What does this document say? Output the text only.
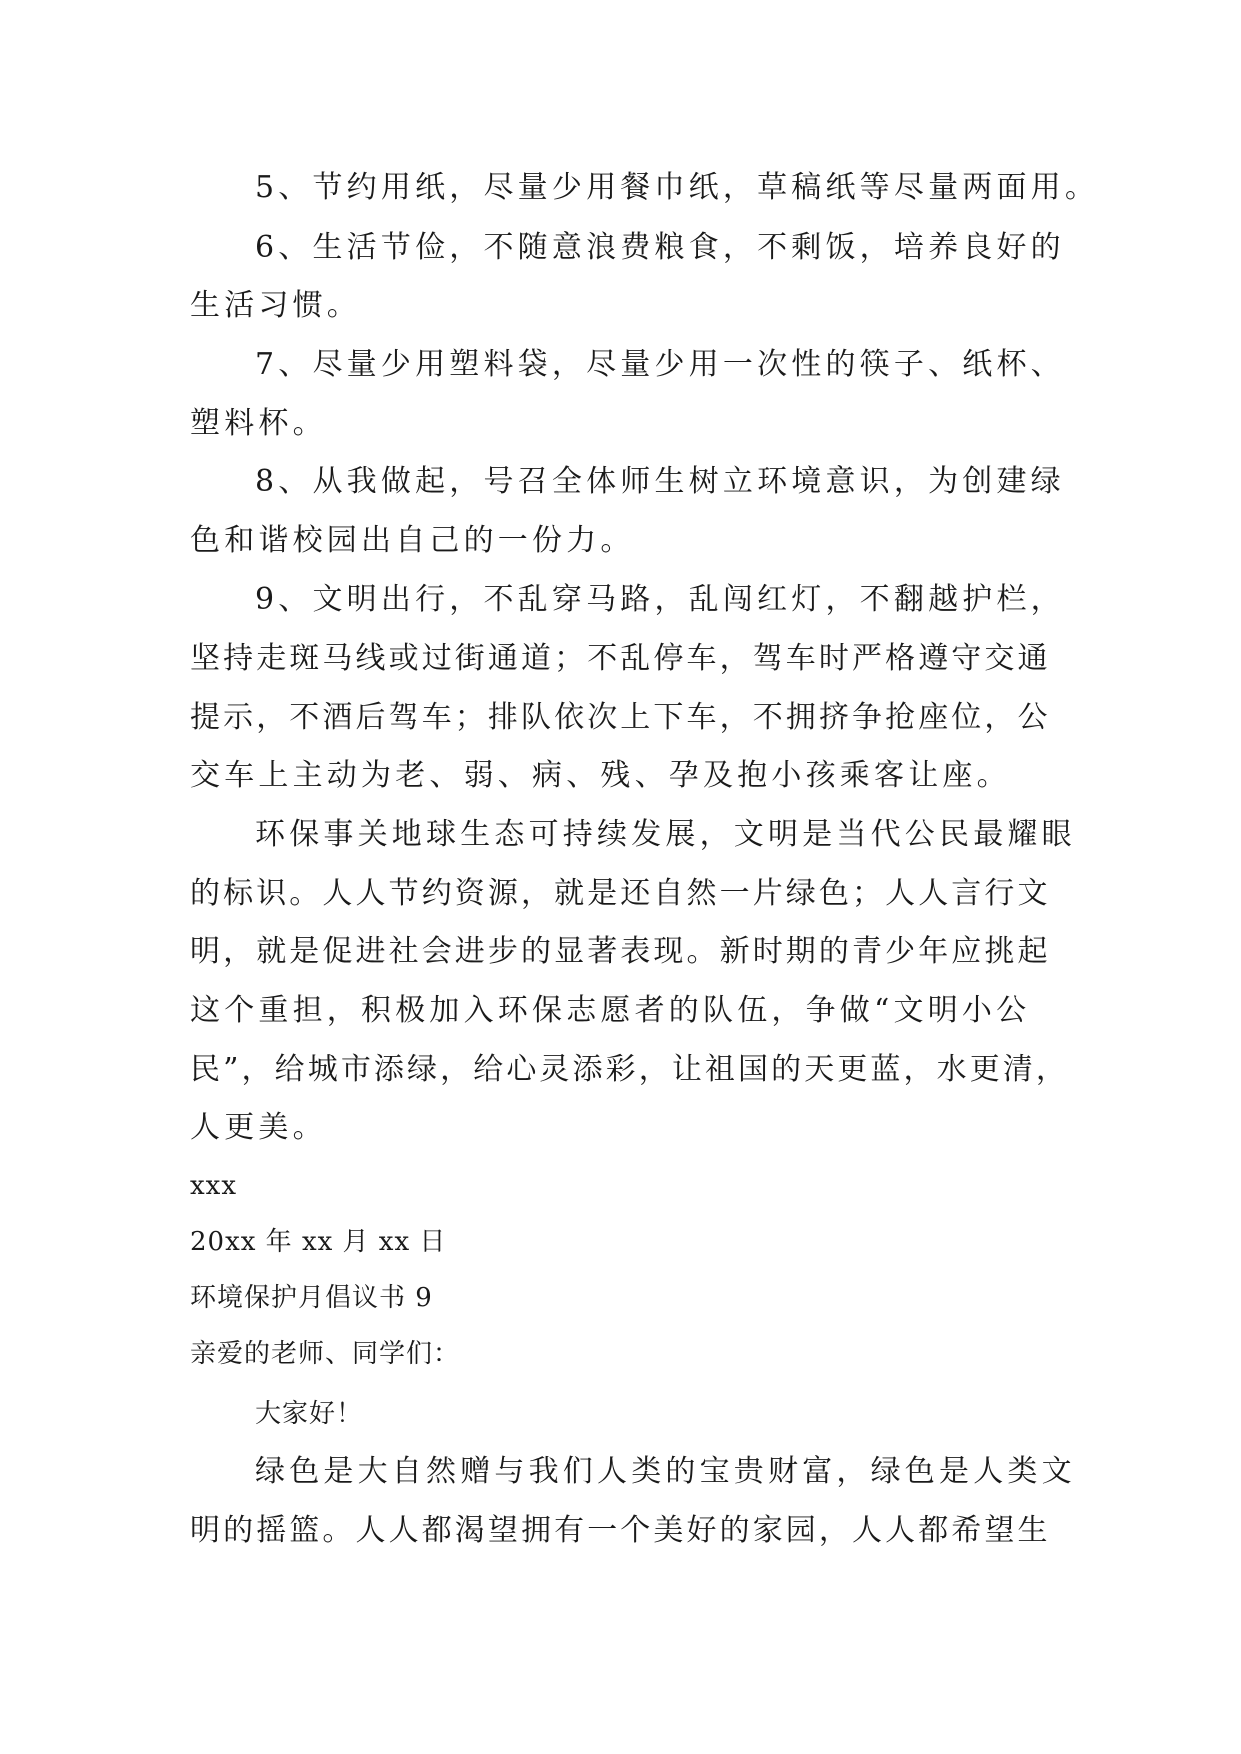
5、节约用纸，尽量少用餐巾纸，草稿纸等尽量两面用。
6、生活节俭，不随意浪费粮食，不剩饭，培养良好的
生活习惯。
7、尽量少用塑料袋，尽量少用一次性的筷子、纸杯、
塑料杯。
8、从我做起，号召全体师生树立环境意识，为创建绿
色和谐校园出自己的一份力。
9、文明出行，不乱穿马路，乱闯红灯，不翻越护栏，
坚持走斑马线或过街通道；不乱停车，驾车时严格遵守交通
提示，不酒后驾车；排队依次上下车，不拥挤争抢座位，公
交车上主动为老、弱、病、残、孕及抱小孩乘客让座。
环保事关地球生态可持续发展，文明是当代公民最耀眼
的标识。人人节约资源，就是还自然一片绿色；人人言行文
明，就是促进社会进步的显著表现。新时期的青少年应挑起
这个重担，积极加入环保志愿者的队伍，争做“文明小公
民”，给城市添绿，给心灵添彩，让祖国的天更蓝，水更清，
人更美。
xxx
20xx 年 xx 月 xx 日
环境保护月倡议书 9
亲爱的老师、同学们：
大家好！
绿色是大自然赠与我们人类的宝贵财富，绿色是人类文
明的摇篮。人人都渴望拥有一个美好的家园，人人都希望生
